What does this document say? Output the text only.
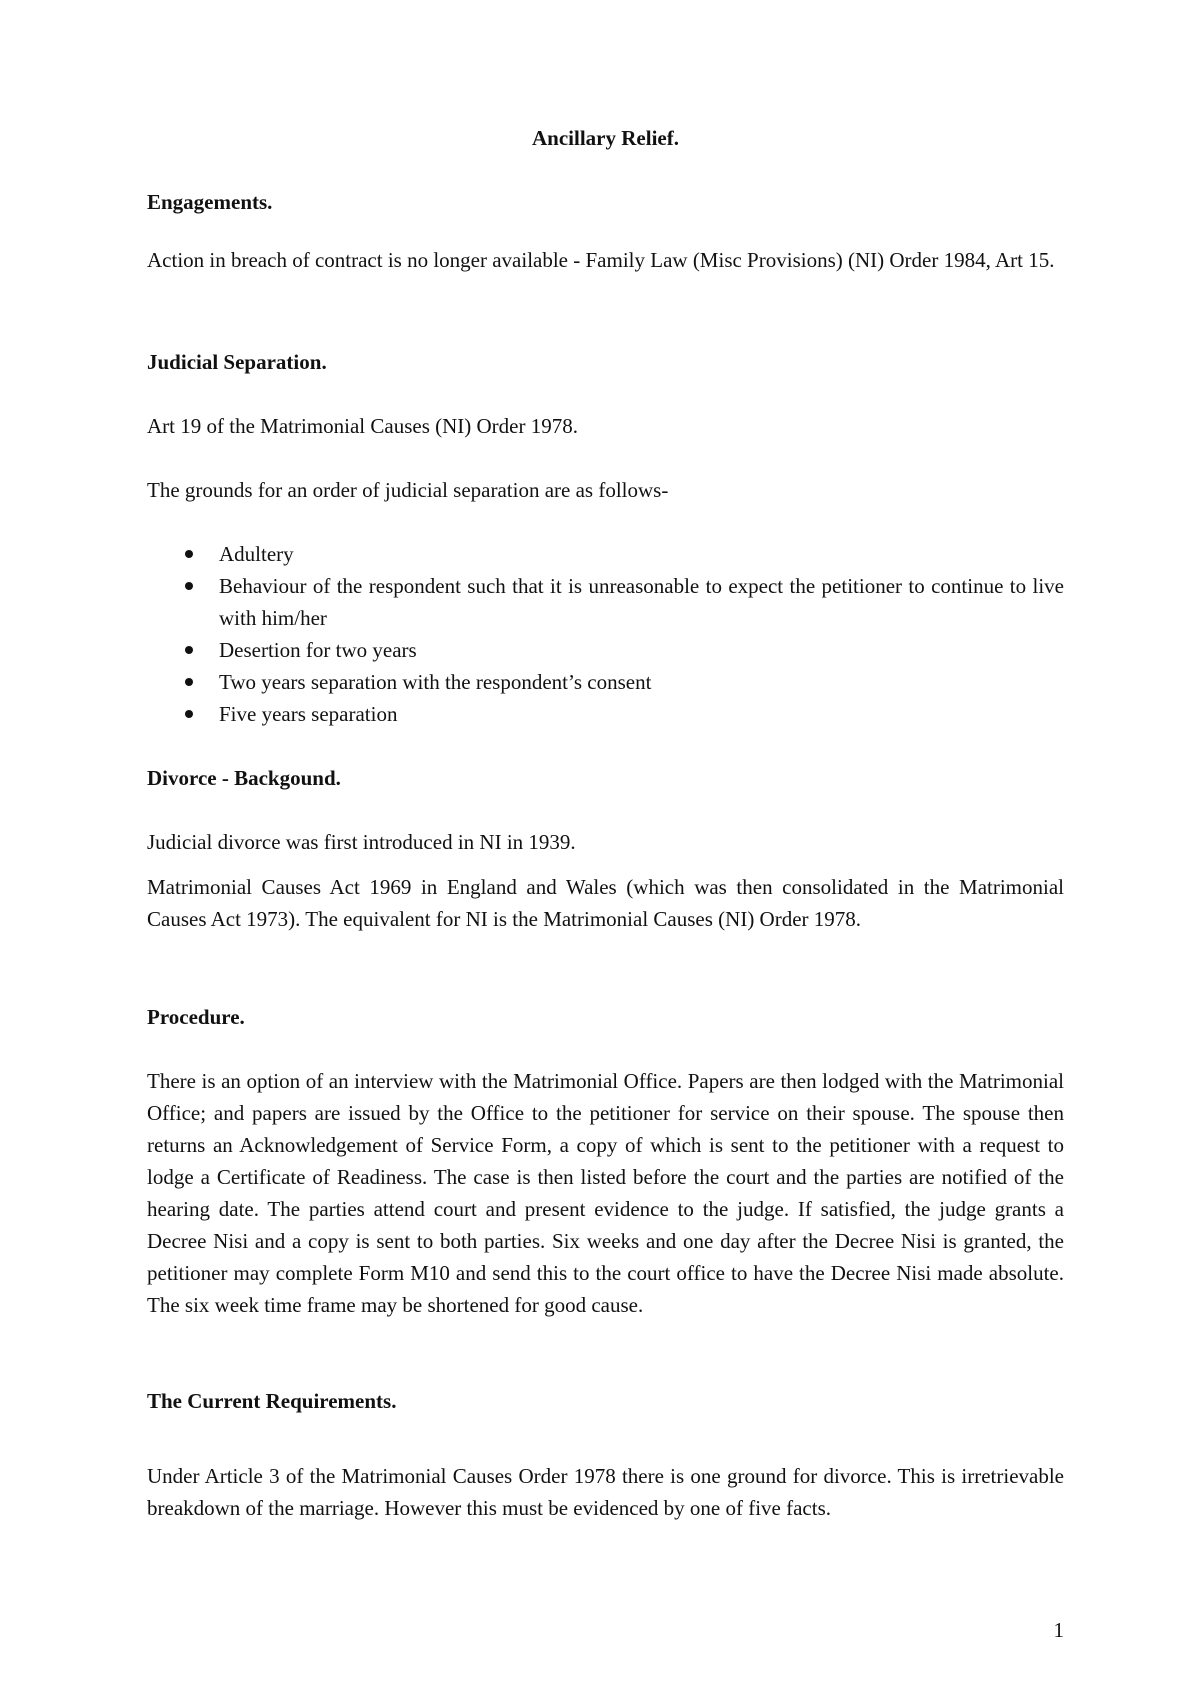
Ancillary Relief.
Engagements.

Action in breach of contract is no longer available - Family Law (Misc Provisions) (NI) Order 1984, Art 15.

Judicial Separation.

Art 19 of the Matrimonial Causes (NI) Order 1978.

The grounds for an order of judicial separation are as follows-

Adultery
Behaviour of the respondent such that it is unreasonable to expect the petitioner to continue to live with him/her
Desertion for two years
Two years separation with the respondent’s consent
Five years separation
Divorce - Backgound.

Judicial divorce was first introduced in NI in 1939.

Matrimonial Causes Act 1969 in England and Wales (which was then consolidated in the Matrimonial Causes Act 1973). The equivalent for NI is the Matrimonial Causes (NI) Order 1978.

Procedure.

There is an option of an interview with the Matrimonial Office. Papers are then lodged with the Matrimonial Office; and papers are issued by the Office to the petitioner for service on their spouse. The spouse then returns an Acknowledgement of Service Form, a copy of which is sent to the petitioner with a request to lodge a Certificate of Readiness. The case is then listed before the court and the parties are notified of the hearing date. The parties attend court and present evidence to the judge. If satisfied, the judge grants a Decree Nisi and a copy is sent to both parties. Six weeks and one day after the Decree Nisi is granted, the petitioner may complete Form M10 and send this to the court office to have the Decree Nisi made absolute. The six week time frame may be shortened for good cause.

The Current Requirements.

Under Article 3 of the Matrimonial Causes Order 1978 there is one ground for divorce. This is irretrievable breakdown of the marriage. However this must be evidenced by one of five facts.

1
